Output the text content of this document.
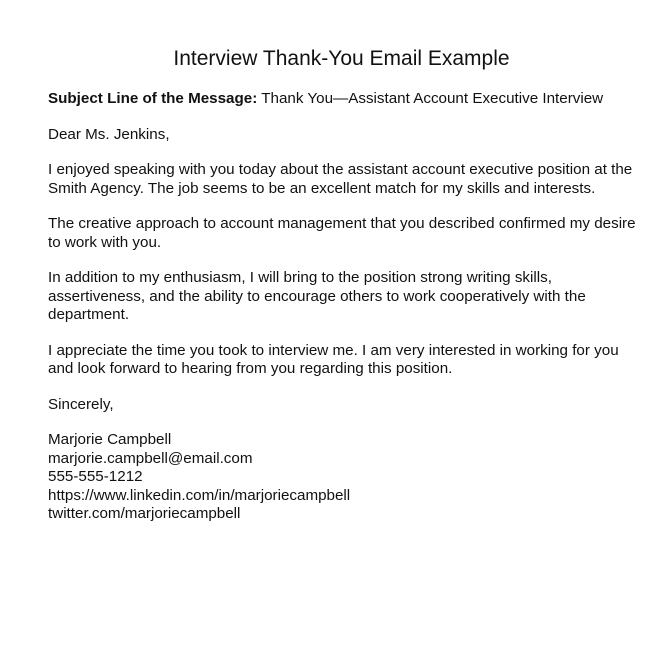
Interview Thank-You Email Example

Subject Line of the Message: Thank You—Assistant Account Executive Interview

Dear Ms. Jenkins,

I enjoyed speaking with you today about the assistant account executive position at the Smith Agency. The job seems to be an excellent match for my skills and interests.

The creative approach to account management that you described confirmed my desire to work with you.

In addition to my enthusiasm, I will bring to the position strong writing skills, assertiveness, and the ability to encourage others to work cooperatively with the department.

I appreciate the time you took to interview me. I am very interested in working for you and look forward to hearing from you regarding this position.

Sincerely,

Marjorie Campbell
marjorie.campbell@email.com
555-555-1212
https://www.linkedin.com/in/marjoriecampbell
twitter.com/marjoriecampbell
